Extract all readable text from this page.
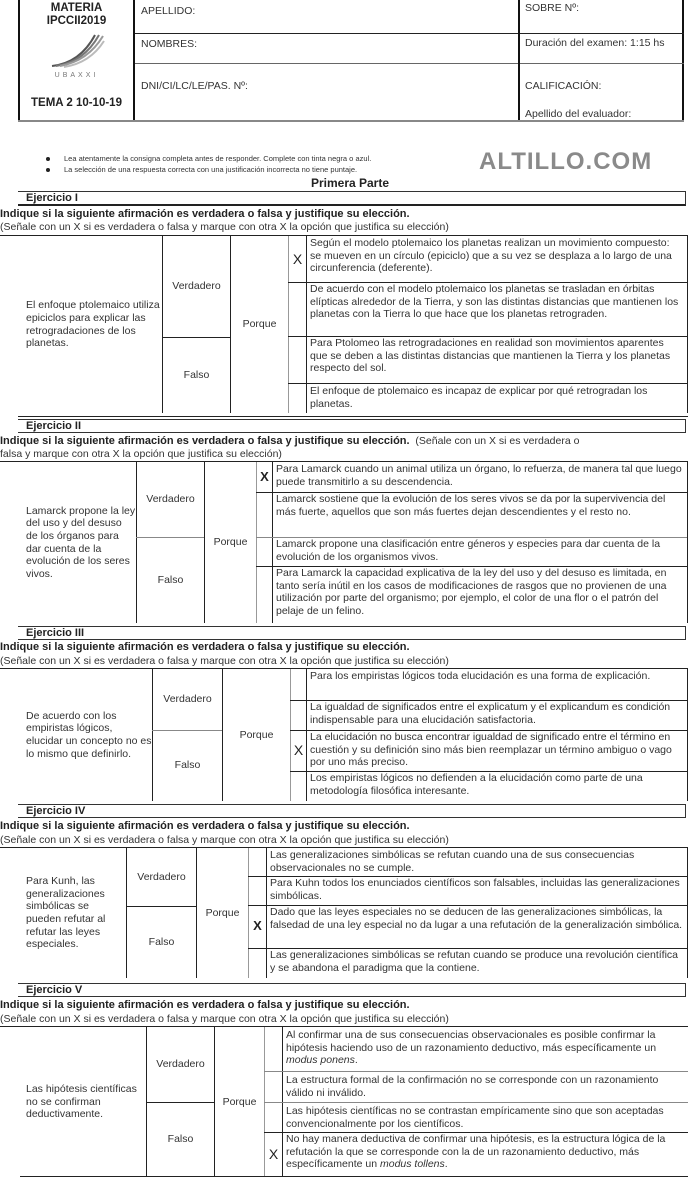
MATERIA
IPCCII2019
UBAXXI
TEMA 2 10-10-19
APELLIDO:
NOMBRES:
DNI/CI/LC/LE/PAS. Nº:
SOBRE Nº:
Duración del examen: 1:15 hs
CALIFICACIÓN:
Apellido del evaluador:
Lea atentamente la consigna completa antes de responder. Complete con tinta negra o azul.
La selección de una respuesta correcta con una justificación incorrecta no tiene puntaje.	ALTILLO.COM
Primera Parte
Ejercicio I
Indique si la siguiente afirmación es verdadera o falsa y justifique su elección.
(Señale con un X si es verdadera o falsa y marque con otra X la opción que justifica su elección)
El enfoque ptolemaico utiliza epiciclos para explicar las retrogradaciones de los planetas.
Verdadero
Falso
Porque
X
Según el modelo ptolemaico los planetas realizan un movimiento compuesto: se mueven en un círculo (epiciclo) que a su vez se desplaza a lo largo de una circunferencia (deferente).
De acuerdo con el modelo ptolemaico los planetas se trasladan en órbitas elípticas alrededor de la Tierra, y son las distintas distancias que mantienen los planetas con la Tierra lo que hace que los planetas retrograden.
Para Ptolomeo las retrogradaciones en realidad son movimientos aparentes que se deben a las distintas distancias que mantienen la Tierra y los planetas respecto del sol.
El enfoque de ptolemaico es incapaz de explicar por qué retrogradan los planetas.
Ejercicio II
Indique si la siguiente afirmación es verdadera o falsa y justifique su elección. (Señale con un X si es verdadera o
falsa y marque con otra X la opción que justifica su elección)
Lamarck propone la ley del uso y del desuso de los órganos para dar cuenta de la evolución de los seres vivos.
Verdadero
Falso
Porque
X Para Lamarck cuando un animal utiliza un órgano, lo refuerza, de manera tal que luego puede transmitirlo a su descendencia.
Lamarck sostiene que la evolución de los seres vivos se da por la supervivencia del más fuerte, aquellos que son más fuertes dejan descendientes y el resto no.
Lamarck propone una clasificación entre géneros y especies para dar cuenta de la evolución de los organismos vivos.
Para Lamarck la capacidad explicativa de la ley del uso y del desuso es limitada, en tanto sería inútil en los casos de modificaciones de rasgos que no provienen de una utilización por parte del organismo; por ejemplo, el color de una flor o el patrón del pelaje de un felino.
Ejercicio III
Indique si la siguiente afirmación es verdadera o falsa y justifique su elección.
(Señale con un X si es verdadera o falsa y marque con otra X la opción que justifica su elección)
De acuerdo con los empiristas lógicos, elucidar un concepto no es lo mismo que definirlo.
Verdadero
Falso
Porque
X
Para los empiristas lógicos toda elucidación es una forma de explicación.
La igualdad de significados entre el explicatum y el explicandum es condición indispensable para una elucidación satisfactoria.
La elucidación no busca encontrar igualdad de significado entre el término en cuestión y su definición sino más bien reemplazar un término ambiguo o vago por uno más preciso.
Los empiristas lógicos no defienden a la elucidación como parte de una metodología filosófica interesante.
Ejercicio IV
Indique si la siguiente afirmación es verdadera o falsa y justifique su elección.
(Señale con un X si es verdadera o falsa y marque con otra X la opción que justifica su elección)
Para Kunh, las generalizaciones simbólicas se pueden refutar al refutar las leyes especiales.
Verdadero
Falso
Porque
X
Las generalizaciones simbólicas se refutan cuando una de sus consecuencias observacionales no se cumple.
Para Kuhn todos los enunciados científicos son falsables, incluidas las generalizaciones simbólicas.
Dado que las leyes especiales no se deducen de las generalizaciones simbólicas, la falsedad de una ley especial no da lugar a una refutación de la generalización simbólica.
Las generalizaciones simbólicas se refutan cuando se produce una revolución científica y se abandona el paradigma que la contiene.
Ejercicio V
Indique si la siguiente afirmación es verdadera o falsa y justifique su elección.
(Señale con un X si es verdadera o falsa y marque con otra X la opción que justifica su elección)
Las hipótesis científicas no se confirman deductivamente.
Verdadero
Falso
Porque
X
Al confirmar una de sus consecuencias observacionales es posible confirmar la hipótesis haciendo uso de un razonamiento deductivo, más específicamente un modus ponens.
La estructura formal de la confirmación no se corresponde con un razonamiento válido ni inválido.
Las hipótesis científicas no se contrastan empíricamente sino que son aceptadas convencionalmente por los científicos.
No hay manera deductiva de confirmar una hipótesis, es la estructura lógica de la refutación la que se corresponde con la de un razonamiento deductivo, más específicamente un modus tollens.
